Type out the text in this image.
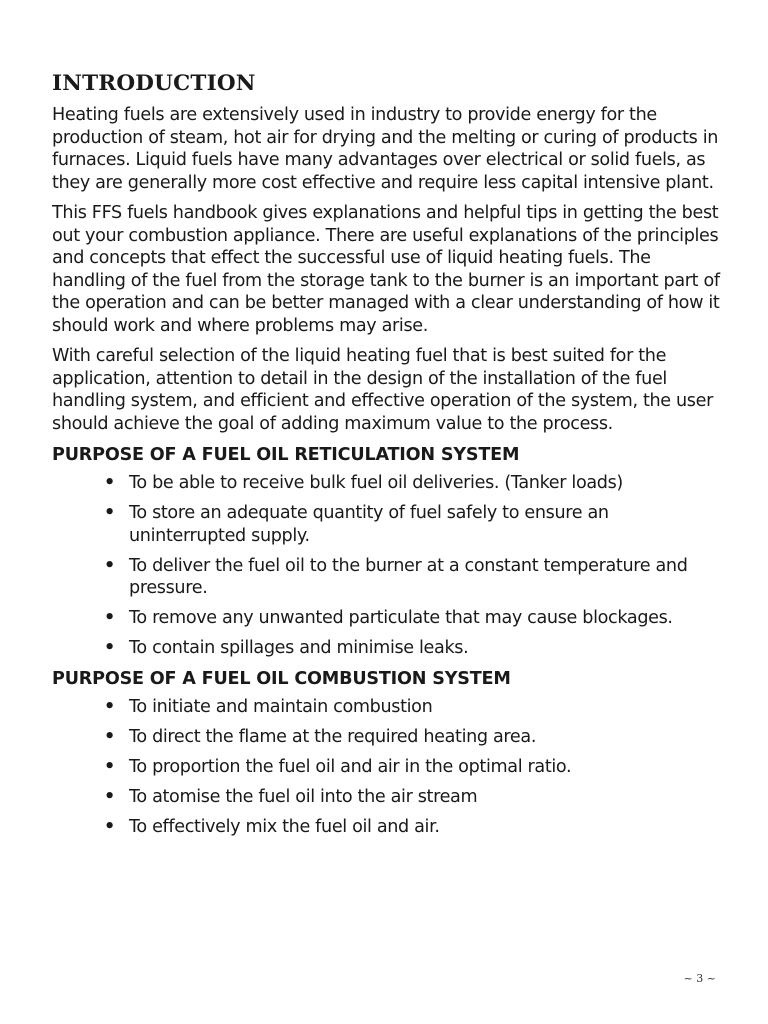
INTRODUCTION

Heating fuels are extensively used in industry to provide energy for the production of steam, hot air for drying and the melting or curing of products in furnaces. Liquid fuels have many advantages over electrical or solid fuels, as they are generally more cost effective and require less capital intensive plant.

This FFS fuels handbook gives explanations and helpful tips in getting the best out your combustion appliance. There are useful explanations of the principles and concepts that effect the successful use of liquid heating fuels. The handling of the fuel from the storage tank to the burner is an important part of the operation and can be better managed with a clear understanding of how it should work and where problems may arise.

With careful selection of the liquid heating fuel that is best suited for the application, attention to detail in the design of the installation of the fuel handling system, and efficient and effective operation of the system, the user should achieve the goal of adding maximum value to the process.

PURPOSE OF A FUEL OIL RETICULATION SYSTEM
• To be able to receive bulk fuel oil deliveries. (Tanker loads)
• To store an adequate quantity of fuel safely to ensure an uninterrupted supply.
• To deliver the fuel oil to the burner at a constant temperature and pressure.
• To remove any unwanted particulate that may cause blockages.
• To contain spillages and minimise leaks.
PURPOSE OF A FUEL OIL COMBUSTION SYSTEM
• To initiate and maintain combustion
• To direct the flame at the required heating area.
• To proportion the fuel oil and air in the optimal ratio.
• To atomise the fuel oil into the air stream
• To effectively mix the fuel oil and air.
~ 3 ~
